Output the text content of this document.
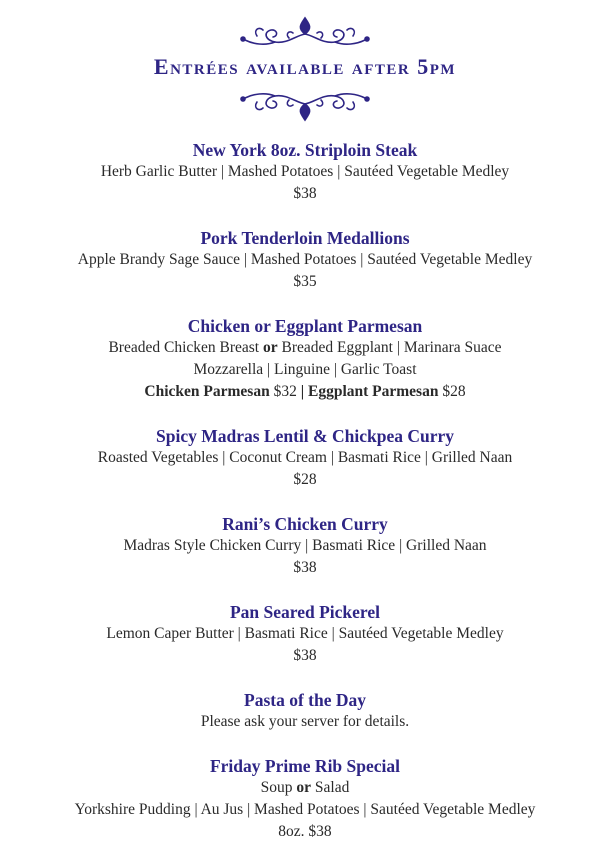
Entrées available after 5pm
New York 8oz. Striploin Steak
Herb Garlic Butter | Mashed Potatoes | Sautéed Vegetable Medley
$38
Pork Tenderloin Medallions
Apple Brandy Sage Sauce | Mashed Potatoes | Sautéed Vegetable Medley
$35
Chicken or Eggplant Parmesan
Breaded Chicken Breast or Breaded Eggplant | Marinara Suace
Mozzarella | Linguine | Garlic Toast
Chicken Parmesan $32 | Eggplant Parmesan $28
Spicy Madras Lentil & Chickpea Curry
Roasted Vegetables | Coconut Cream | Basmati Rice | Grilled Naan
$28
Rani’s Chicken Curry
Madras Style Chicken Curry | Basmati Rice | Grilled Naan
$38
Pan Seared Pickerel
Lemon Caper Butter | Basmati Rice | Sautéed Vegetable Medley
$38
Pasta of the Day
Please ask your server for details.
Friday Prime Rib Special
Soup or Salad
Yorkshire Pudding | Au Jus | Mashed Potatoes | Sautéed Vegetable Medley
8oz. $38
